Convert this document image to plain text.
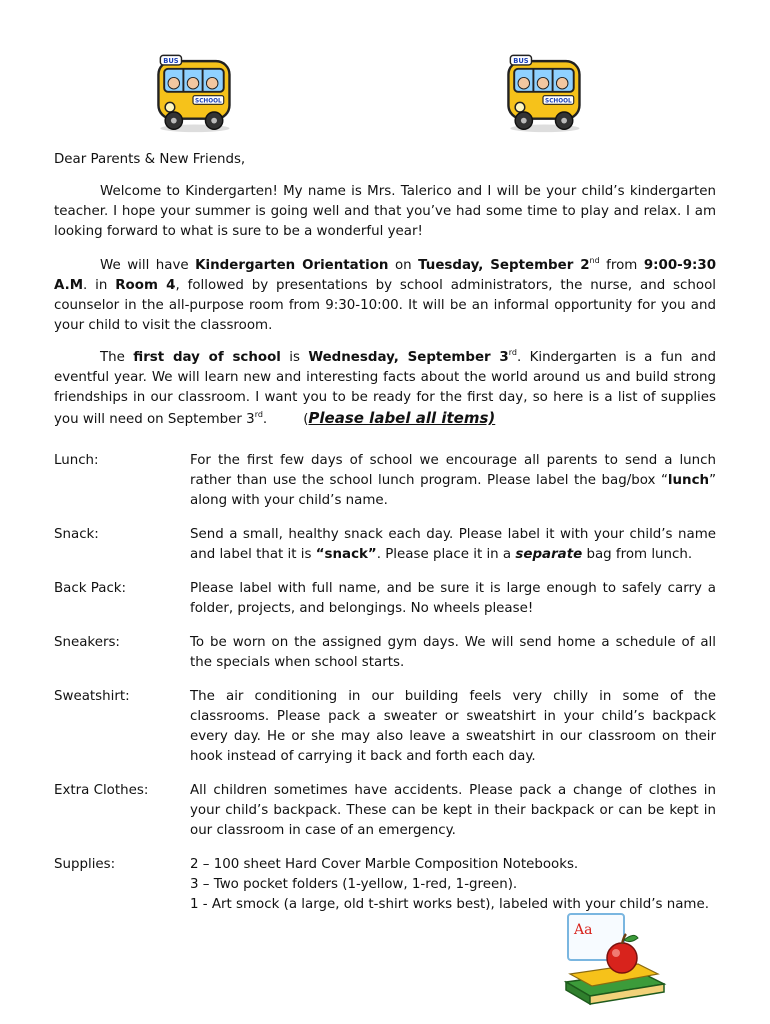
BUS
SCHOOL
BUS
SCHOOL

Dear Parents & New Friends,

Welcome to Kindergarten! My name is Mrs. Talerico and I will be your child’s kindergarten teacher. I hope your summer is going well and that you’ve had some time to play and relax. I am looking forward to what is sure to be a wonderful year!

We will have Kindergarten Orientation on Tuesday, September 2nd from 9:00-9:30 A.M. in Room 4, followed by presentations by school administrators, the nurse, and school counselor in the all-purpose room from 9:30-10:00. It will be an informal opportunity for you and your child to visit the classroom.

The first day of school is Wednesday, September 3rd. Kindergarten is a fun and eventful year. We will learn new and interesting facts about the world around us and build strong friendships in our classroom. I want you to be ready for the first day, so here is a list of supplies you will need on September 3rd.	(Please label all items)

Lunch:	For the first few days of school we encourage all parents to send a lunch rather than use the school lunch program. Please label the bag/box “lunch” along with your child’s name.
Snack:	Send a small, healthy snack each day. Please label it with your child’s name and label that it is “snack”. Please place it in a separate bag from lunch.
Back Pack:	Please label with full name, and be sure it is large enough to safely carry a folder, projects, and belongings. No wheels please!
Sneakers:	To be worn on the assigned gym days. We will send home a schedule of all the specials when school starts.
Sweatshirt:	The air conditioning in our building feels very chilly in some of the classrooms. Please pack a sweater or sweatshirt in your child’s backpack every day. He or she may also leave a sweatshirt in our classroom on their hook instead of carrying it back and forth each day.
Extra Clothes:	All children sometimes have accidents. Please pack a change of clothes in your child’s backpack. These can be kept in their backpack or can be kept in our classroom in case of an emergency.
Supplies:	2 – 100 sheet Hard Cover Marble Composition Notebooks.
3 – Two pocket folders (1-yellow, 1-red, 1-green).
1 - Art smock (a large, old t-shirt works best), labeled with your child’s name.
Aa
